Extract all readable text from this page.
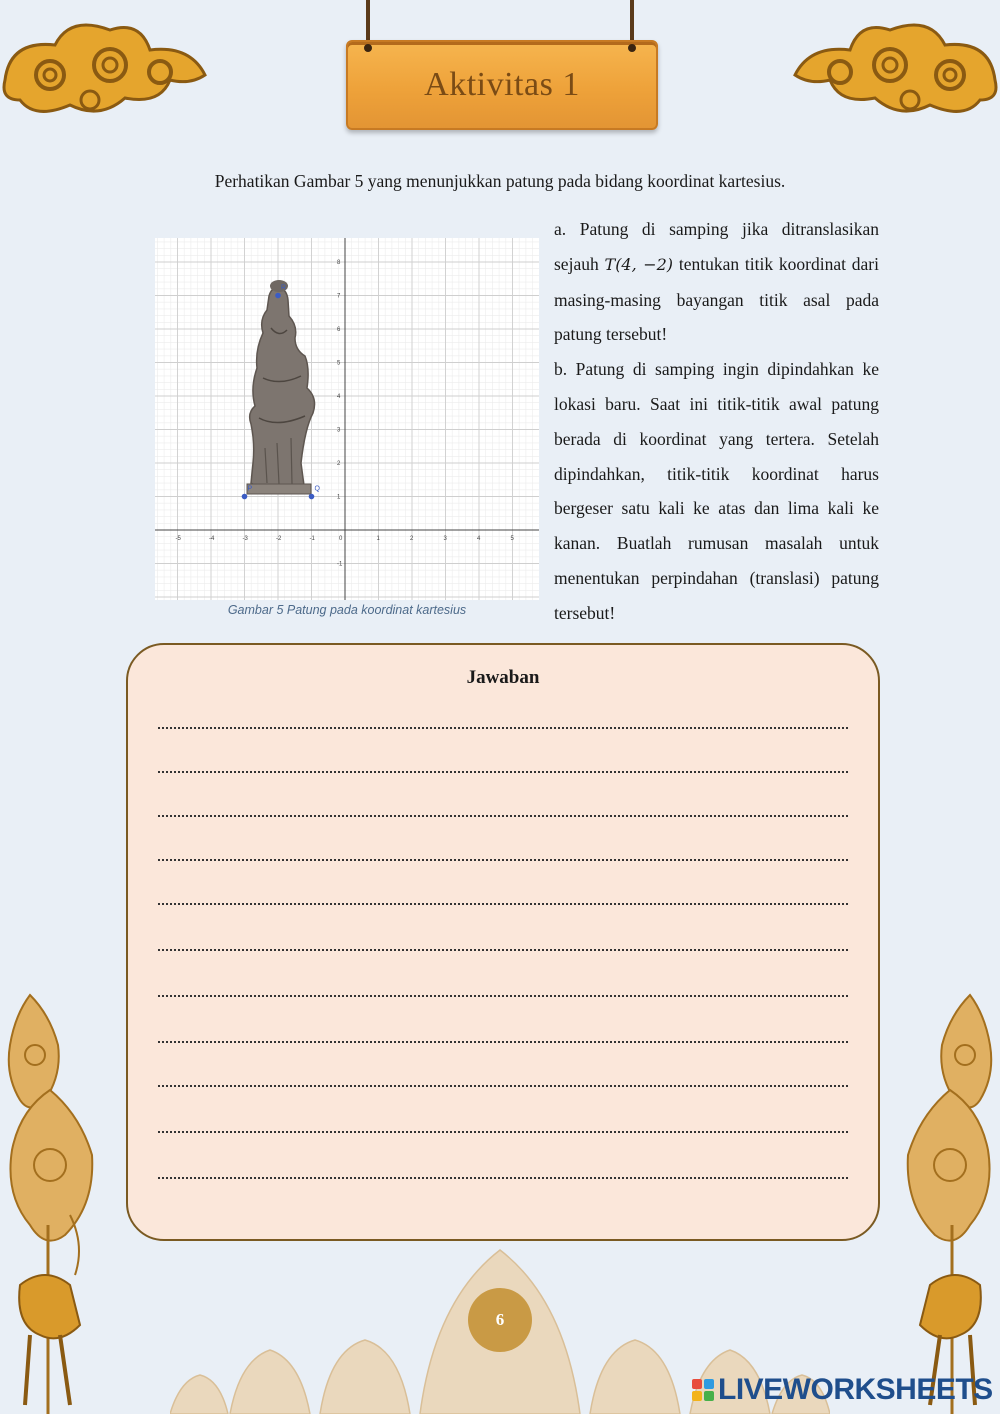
Aktivitas 1
Perhatikan Gambar 5 yang menunjukkan patung pada bidang koordinat kartesius.
-5	-4	-3	-2	-1	0	1	2	3	4	5
8
7
6
5
4
3
2
1
-1
R
P	Q
Gambar 5 Patung pada koordinat kartesius

a. Patung di samping jika ditranslasikan sejauh T(4, −2) tentukan titik koordinat dari masing-masing bayangan titik asal pada patung tersebut!

b. Patung di samping ingin dipindahkan ke lokasi baru. Saat ini titik-titik awal patung berada di koordinat yang tertera. Setelah dipindahkan, titik-titik koordinat harus bergeser satu kali ke atas dan lima kali ke kanan. Buatlah rumusan masalah untuk menentukan perpindahan (translasi) patung tersebut!

Jawaban
6
LIVEWORKSHEETS
